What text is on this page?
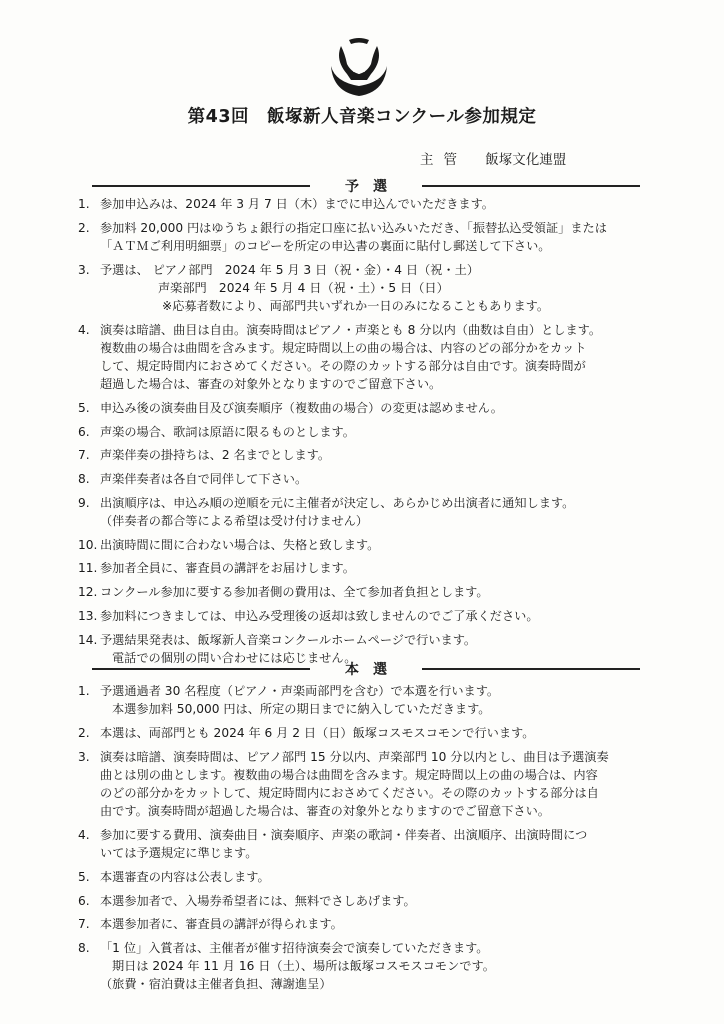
第43回　飯塚新人音楽コンクール参加規定
主管 飯塚文化連盟
予選
1. 参加申込みは、2024 年 3 月 7 日（木）までに申込んでいただきます。
2. 参加料 20,000 円はゆうちょ銀行の指定口座に払い込みいただき、「振替払込受領証」または
「ＡＴＭご利用明細票」のコピーを所定の申込書の裏面に貼付し郵送して下さい。
3. 予選は、 ピアノ部門　2024 年 5 月 3 日（祝・金）・4 日（祝・土）
声楽部門　2024 年 5 月 4 日（祝・土）・5 日（日）
※応募者数により、両部門共いずれか一日のみになることもあります。
4. 演奏は暗譜、曲目は自由。演奏時間はピアノ・声楽とも 8 分以内（曲数は自由）とします。
複数曲の場合は曲間を含みます。規定時間以上の曲の場合は、内容のどの部分かをカット
して、規定時間内におさめてください。その際のカットする部分は自由です。演奏時間が
超過した場合は、審査の対象外となりますのでご留意下さい。
5. 申込み後の演奏曲目及び演奏順序（複数曲の場合）の変更は認めません。
6. 声楽の場合、歌詞は原語に限るものとします。
7. 声楽伴奏の掛持ちは、2 名までとします。
8. 声楽伴奏者は各自で同伴して下さい。
9. 出演順序は、申込み順の逆順を元に主催者が決定し、あらかじめ出演者に通知します。
（伴奏者の都合等による希望は受け付けません）
10. 出演時間に間に合わない場合は、失格と致します。
11. 参加者全員に、審査員の講評をお届けします。
12. コンクール参加に要する参加者側の費用は、全て参加者負担とします。
13. 参加料につきましては、申込み受理後の返却は致しませんのでご了承ください。
14. 予選結果発表は、飯塚新人音楽コンクールホームページで行います。
電話での個別の問い合わせには応じません。
本選
1. 予選通過者 30 名程度（ピアノ・声楽両部門を含む）で本選を行います。
本選参加料 50,000 円は、所定の期日までに納入していただきます。
2. 本選は、両部門とも 2024 年 6 月 2 日（日）飯塚コスモスコモンで行います。
3. 演奏は暗譜、演奏時間は、ピアノ部門 15 分以内、声楽部門 10 分以内とし、曲目は予選演奏
曲とは別の曲とします。複数曲の場合は曲間を含みます。規定時間以上の曲の場合は、内容
のどの部分かをカットして、規定時間内におさめてください。その際のカットする部分は自
由です。演奏時間が超過した場合は、審査の対象外となりますのでご留意下さい。
4. 参加に要する費用、演奏曲目・演奏順序、声楽の歌詞・伴奏者、出演順序、出演時間につ
いては予選規定に準じます。
5. 本選審査の内容は公表します。
6. 本選参加者で、入場券希望者には、無料でさしあげます。
7. 本選参加者に、審査員の講評が得られます。
8. 「1 位」入賞者は、主催者が催す招待演奏会で演奏していただきます。
期日は 2024 年 11 月 16 日（土）、場所は飯塚コスモスコモンです。
（旅費・宿泊費は主催者負担、薄謝進呈）
